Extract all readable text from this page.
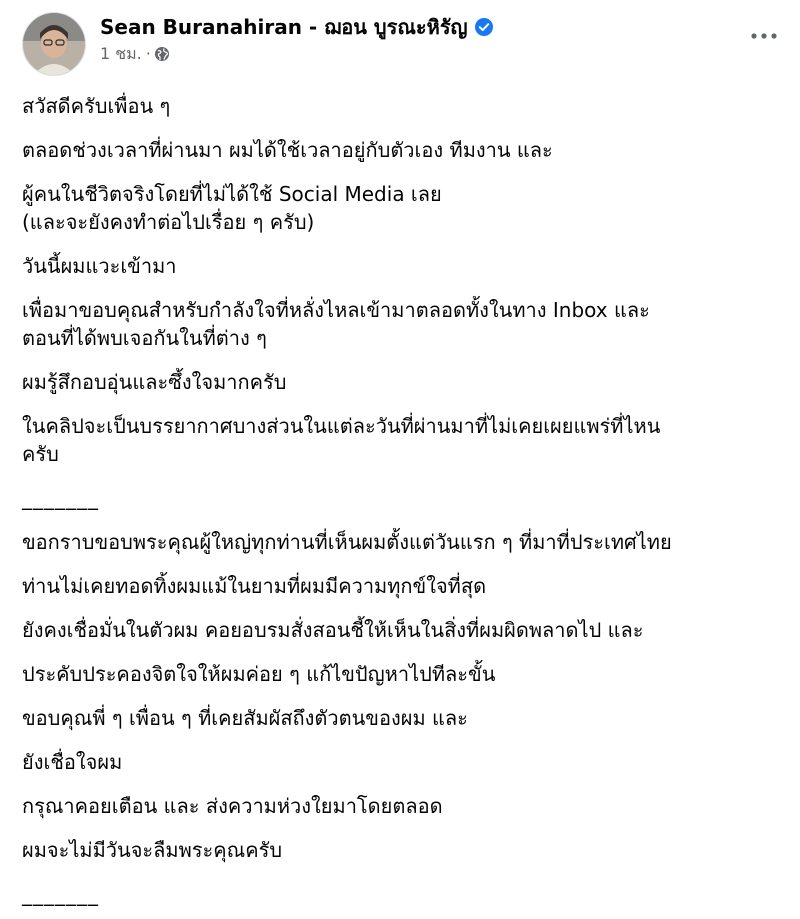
Sean Buranahiran - ฌอน บูรณะหิรัญ
1 ชม. ·

สวัสดีครับเพื่อน ๆ

ตลอดช่วงเวลาที่ผ่านมา ผมได้ใช้เวลาอยู่กับตัวเอง ทีมงาน และ

ผู้คนในชีวิตจริงโดยที่ไม่ได้ใช้ Social Media เลย

(และจะยังคงทำต่อไปเรื่อย ๆ ครับ)

วันนี้ผมแวะเข้ามา

เพื่อมาขอบคุณสำหรับกำลังใจที่หลั่งไหลเข้ามาตลอดทั้งในทาง Inbox และ

ตอนที่ได้พบเจอกันในที่ต่าง ๆ

ผมรู้สึกอบอุ่นและซึ้งใจมากครับ

ในคลิปจะเป็นบรรยากาศบางส่วนในแต่ละวันที่ผ่านมาที่ไม่เคยเผยแพร่ที่ไหน

ครับ

_______

ขอกราบขอบพระคุณผู้ใหญ่ทุกท่านที่เห็นผมตั้งแต่วันแรก ๆ ที่มาที่ประเทศไทย

ท่านไม่เคยทอดทิ้งผมแม้ในยามที่ผมมีความทุกข์ใจที่สุด

ยังคงเชื่อมั่นในตัวผม คอยอบรมสั่งสอนชี้ให้เห็นในสิ่งที่ผมผิดพลาดไป และ

ประคับประคองจิตใจให้ผมค่อย ๆ แก้ไขปัญหาไปทีละขั้น

ขอบคุณพี่ ๆ เพื่อน ๆ ที่เคยสัมผัสถึงตัวตนของผม และ

ยังเชื่อใจผม

กรุณาคอยเตือน และ ส่งความห่วงใยมาโดยตลอด

ผมจะไม่มีวันจะลืมพระคุณครับ

_______
